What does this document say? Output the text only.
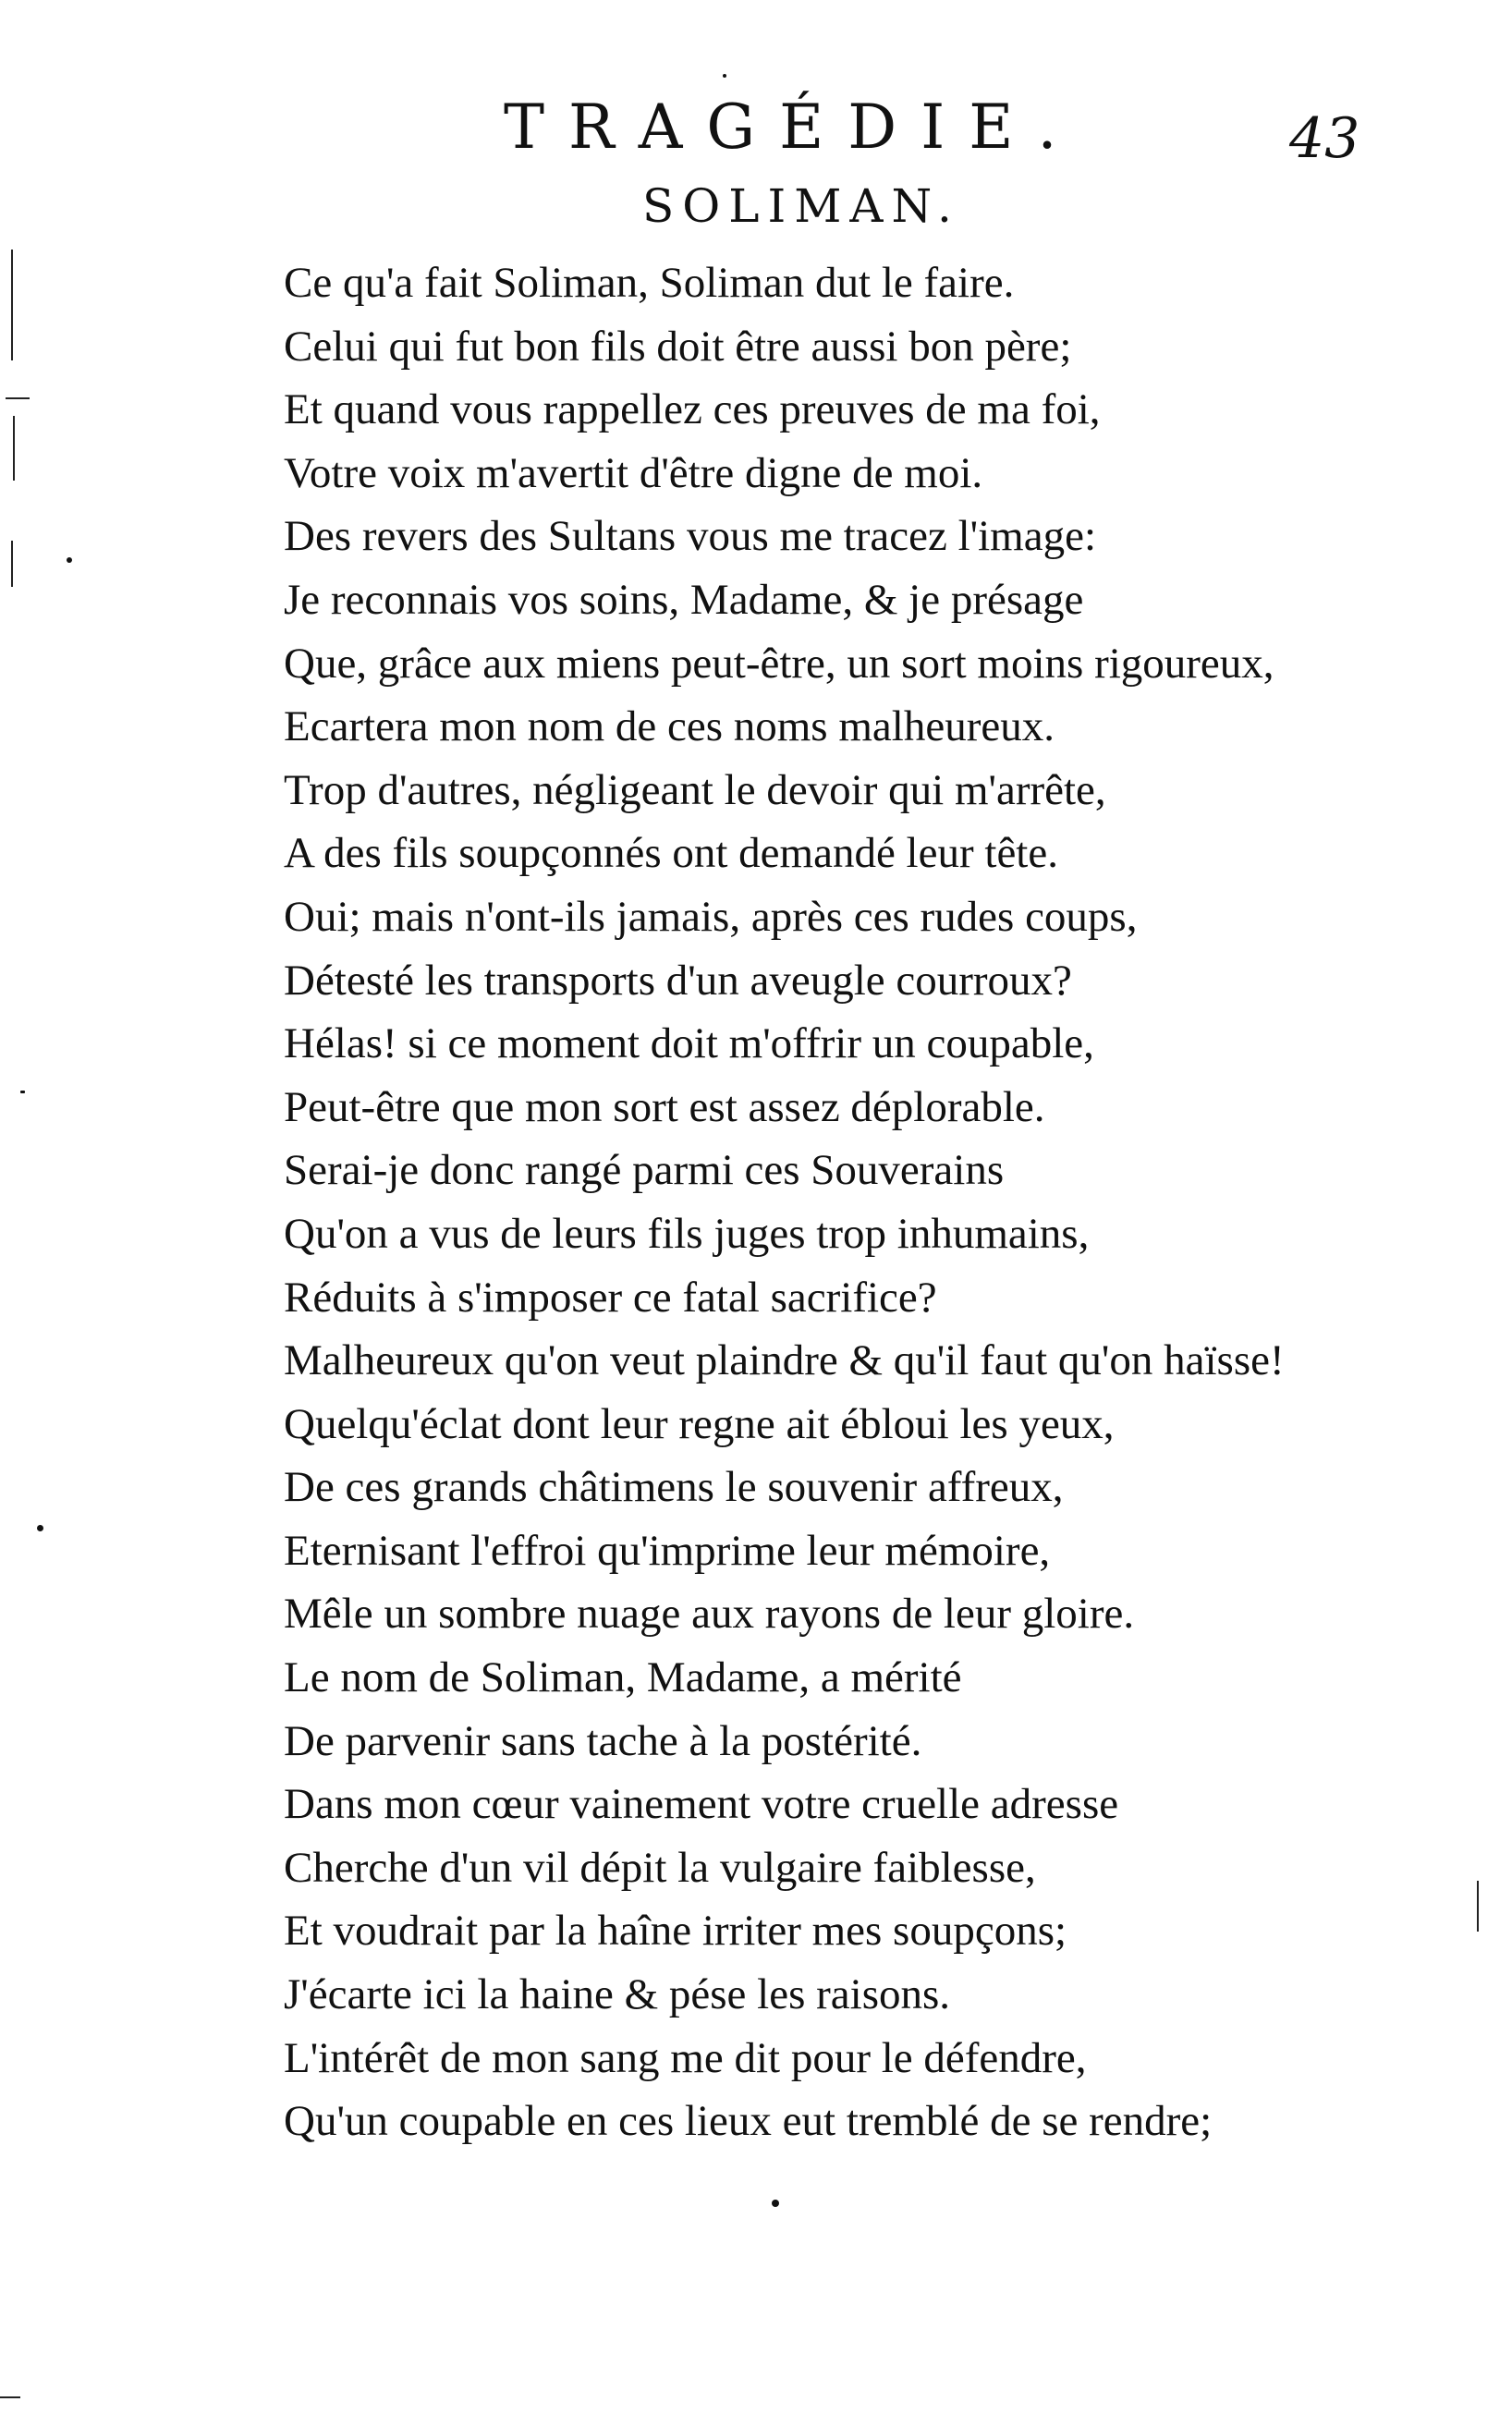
TRAGÉDIE.	43
SOLIMAN.
Ce qu'a fait Soliman, Soliman dut le faire.
Celui qui fut bon fils doit être aussi bon père;
Et quand vous rappellez ces preuves de ma foi,
Votre voix m'avertit d'être digne de moi.
Des revers des Sultans vous me tracez l'image:
Je reconnais vos soins, Madame, & je présage
Que, grâce aux miens peut-être, un sort moins rigoureux,
Ecartera mon nom de ces noms malheureux.
Trop d'autres, négligeant le devoir qui m'arrête,
A des fils soupçonnés ont demandé leur tête.
Oui; mais n'ont-ils jamais, après ces rudes coups,
Détesté les transports d'un aveugle courroux?
Hélas! si ce moment doit m'offrir un coupable,
Peut-être que mon sort est assez déplorable.
Serai-je donc rangé parmi ces Souverains
Qu'on a vus de leurs fils juges trop inhumains,
Réduits à s'imposer ce fatal sacrifice?
Malheureux qu'on veut plaindre & qu'il faut qu'on haïsse!
Quelqu'éclat dont leur regne ait ébloui les yeux,
De ces grands châtimens le souvenir affreux,
Eternisant l'effroi qu'imprime leur mémoire,
Mêle un sombre nuage aux rayons de leur gloire.
Le nom de Soliman, Madame, a mérité
De parvenir sans tache à la postérité.
Dans mon cœur vainement votre cruelle adresse
Cherche d'un vil dépit la vulgaire faiblesse,
Et voudrait par la haîne irriter mes soupçons;
J'écarte ici la haine & pése les raisons.
L'intérêt de mon sang me dit pour le défendre,
Qu'un coupable en ces lieux eut tremblé de se rendre;
